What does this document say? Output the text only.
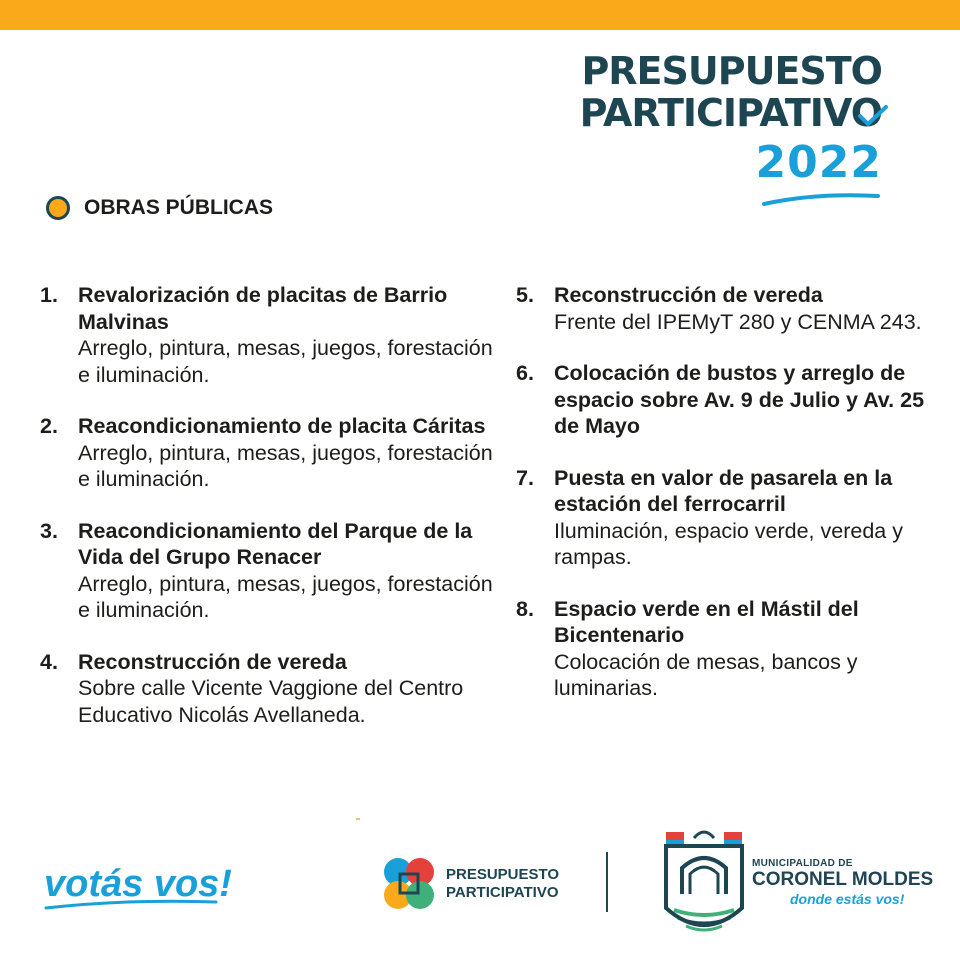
PRESUPUESTO
PARTICIPATIVO
2022
OBRAS PÚBLICAS
1. Revalorización de placitas de Barrio Malvinas
Arreglo, pintura, mesas, juegos, forestación e iluminación.
2. Reacondicionamiento de placita Cáritas
Arreglo, pintura, mesas, juegos, forestación e iluminación.
3. Reacondicionamiento del Parque de la Vida del Grupo Renacer
Arreglo, pintura, mesas, juegos, forestación e iluminación.
4. Reconstrucción de vereda
Sobre calle Vicente Vaggione del Centro Educativo Nicolás Avellaneda.
5. Reconstrucción de vereda
Frente del IPEMyT 280 y CENMA 243.
6. Colocación de bustos y arreglo de espacio sobre Av. 9 de Julio y Av. 25 de Mayo
7. Puesta en valor de pasarela en la estación del ferrocarril
Iluminación, espacio verde, vereda y rampas.
8. Espacio verde en el Mástil del Bicentenario
Colocación de mesas, bancos y luminarias.
votás vos!	PRESUPUESTO
PARTICIPATIVO
MUNICIPALIDAD DE
CORONEL MOLDES
donde estás vos!
